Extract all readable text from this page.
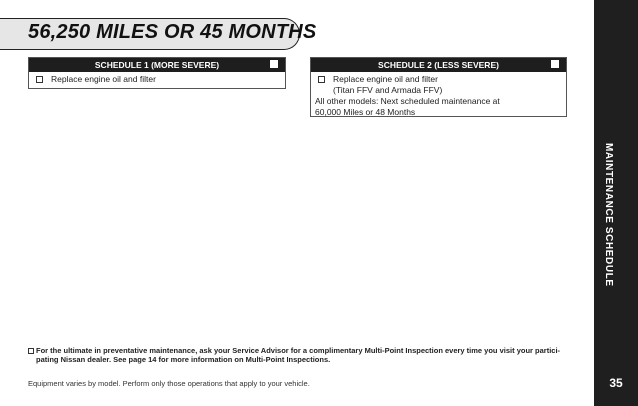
56,250 MILES OR 45 MONTHS
SCHEDULE 1 (MORE SEVERE)
Replace engine oil and filter
SCHEDULE 2 (LESS SEVERE)
Replace engine oil and filter
(Titan FFV and Armada FFV)
All other models: Next scheduled maintenance at
60,000 Miles or 48 Months
MAINTENANCE SCHEDULE
35
For the ultimate in preventative maintenance, ask your Service Advisor for a complimentary Multi-Point Inspection every time you visit your partici-
pating Nissan dealer. See page 14 for more information on Multi-Point Inspections.
Equipment varies by model. Perform only those operations that apply to your vehicle.
